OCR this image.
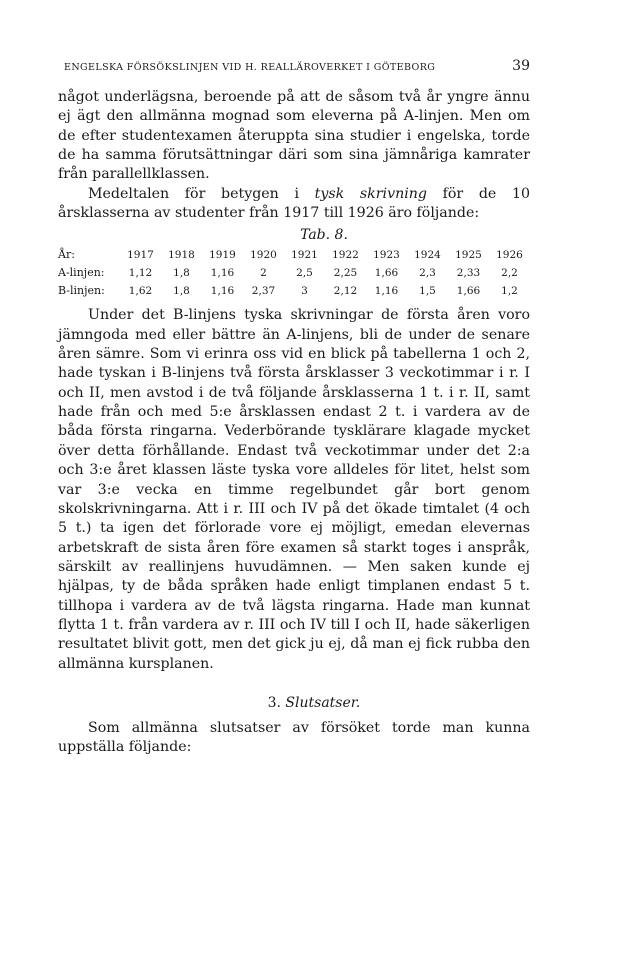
ENGELSKA FÖRSÖKSLINJEN VID H. REALLÄROVERKET I GÖTEBORG	39

något underlägsna, beroende på att de såsom två år yngre ännu ej ägt den allmänna mognad som eleverna på A-linjen. Men om de efter studentexamen återuppta sina studier i engelska, torde de ha samma förutsättningar däri som sina jämnåriga kamrater från parallellklassen.

Medeltalen för betygen i tysk skrivning för de 10 årsklasserna av studenter från 1917 till 1926 äro följande:

Tab. 8.
År:	1917	1918	1919	1920	1921	1922	1923	1924	1925	1926
A-linjen:	1,12	1,8	1,16	2	2,5	2,25	1,66	2,3	2,33	2,2
B-linjen:	1,62	1,8	1,16	2,37	3	2,12	1,16	1,5	1,66	1,2

Under det B-linjens tyska skrivningar de första åren voro jämngoda med eller bättre än A-linjens, bli de under de senare åren sämre. Som vi erinra oss vid en blick på tabellerna 1 och 2, hade tyskan i B-linjens två första årsklasser 3 veckotimmar i r. I och II, men avstod i de två följande årsklasserna 1 t. i r. II, samt hade från och med 5:e årsklassen endast 2 t. i vardera av de båda första ringarna. Vederbörande tysklärare klagade mycket över detta förhållande. Endast två veckotimmar under det 2:a och 3:e året klassen läste tyska vore alldeles för litet, helst som var 3:e vecka en timme regelbundet går bort genom skolskrivningarna. Att i r. III och IV på det ökade timtalet (4 och 5 t.) ta igen det förlorade vore ej möjligt, emedan elevernas arbetskraft de sista åren före examen så starkt toges i anspråk, särskilt av reallinjens huvudämnen. — Men saken kunde ej hjälpas, ty de båda språken hade enligt timplanen endast 5 t. tillhopa i vardera av de två lägsta ringarna. Hade man kunnat flytta 1 t. från vardera av r. III och IV till I och II, hade säkerligen resultatet blivit gott, men det gick ju ej, då man ej fick rubba den allmänna kursplanen.

3. Slutsatser.

Som allmänna slutsatser av försöket torde man kunna uppställa följande:
